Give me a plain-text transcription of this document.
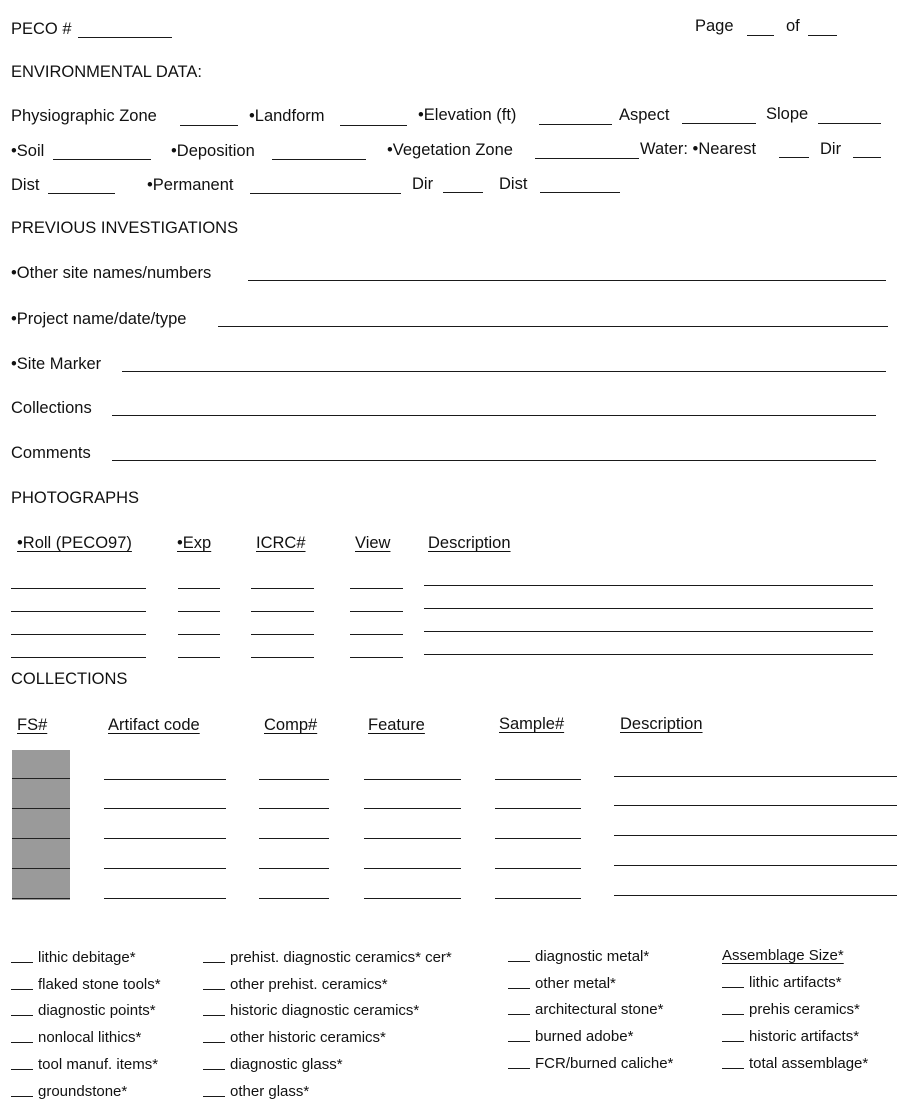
PECO #	Page	of
ENVIRONMENTAL DATA:
Physiographic Zone	•Landform	•Elevation (ft)	Aspect	Slope
•Soil	•Deposition	•Vegetation Zone	Water: •Nearest	Dir
Dist	•Permanent	Dir	Dist
PREVIOUS INVESTIGATIONS
•Other site names/numbers
•Project name/date/type
•Site Marker
Collections
Comments
PHOTOGRAPHS
•Roll (PECO97)	•Exp	ICRC#	View Description
COLLECTIONS
FS#	Artifact code	Comp#	Feature	Sample#	Description
lithic debitage*
flaked stone tools*
diagnostic points*
nonlocal lithics*
tool manuf. items*
groundstone*
prehist. diagnostic ceramics* cer*
other prehist. ceramics*
historic diagnostic ceramics*
other historic ceramics*
diagnostic glass*
other glass*
diagnostic metal*
other metal*
architectural stone*
burned adobe*
FCR/burned caliche*
Assemblage Size*
lithic artifacts*
prehis ceramics*
historic artifacts*
total assemblage*
